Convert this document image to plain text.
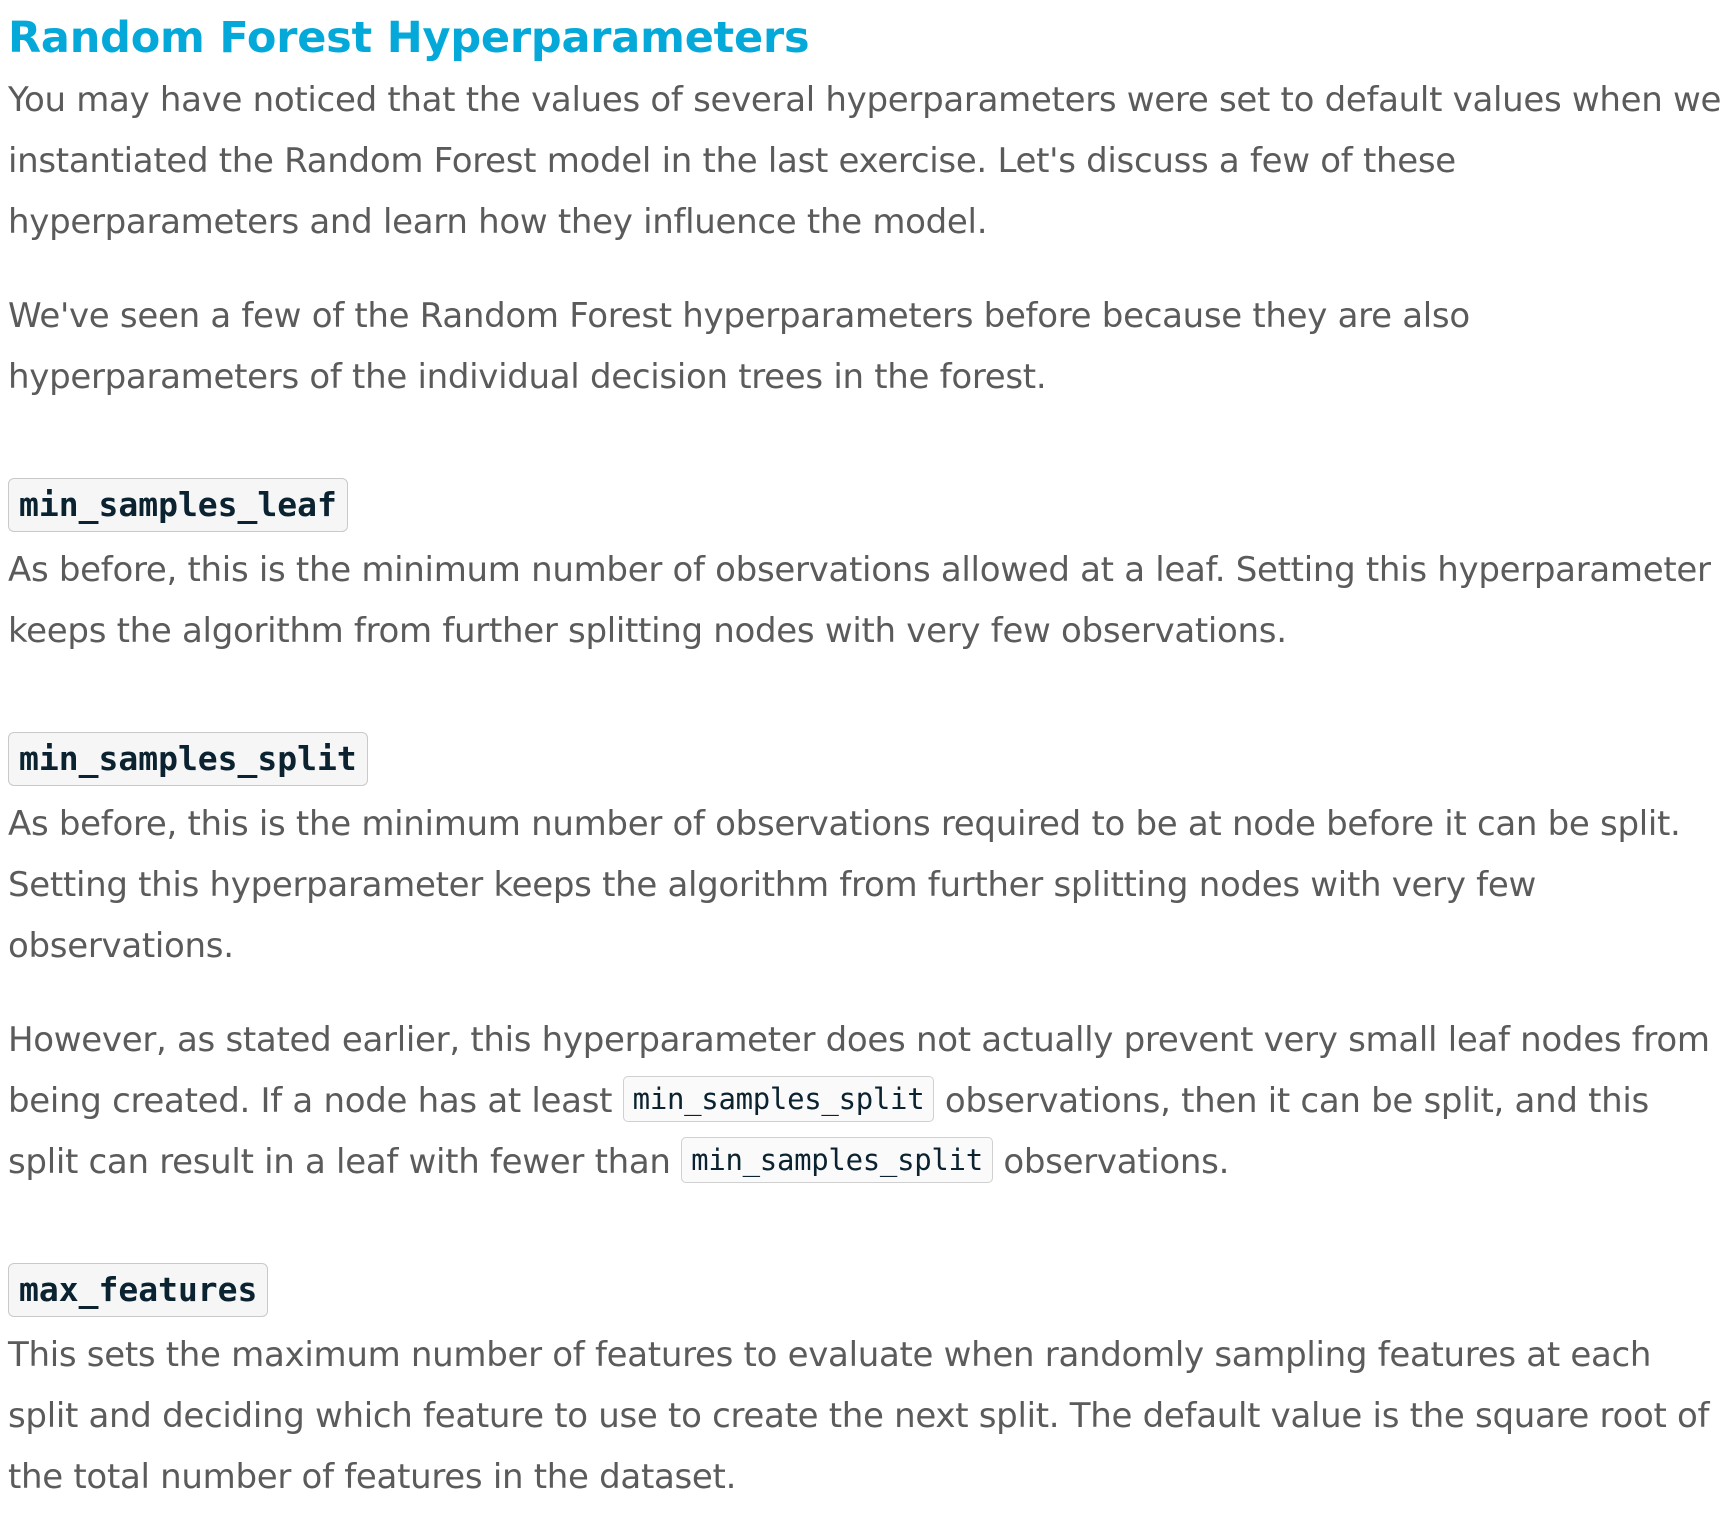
Random Forest Hyperparameters

You may have noticed that the values of several hyperparameters were set to default values when we instantiated the Random Forest model in the last exercise. Let's discuss a few of these hyperparameters and learn how they influence the model.

We've seen a few of the Random Forest hyperparameters before because they are also hyperparameters of the individual decision trees in the forest.

min_samples_leaf

As before, this is the minimum number of observations allowed at a leaf. Setting this hyperparameter keeps the algorithm from further splitting nodes with very few observations.

min_samples_split

As before, this is the minimum number of observations required to be at node before it can be split. Setting this hyperparameter keeps the algorithm from further splitting nodes with very few observations.

However, as stated earlier, this hyperparameter does not actually prevent very small leaf nodes from being created. If a node has at least min_samples_split observations, then it can be split, and this split can result in a leaf with fewer than min_samples_split observations.

max_features

This sets the maximum number of features to evaluate when randomly sampling features at each split and deciding which feature to use to create the next split. The default value is the square root of the total number of features in the dataset.
